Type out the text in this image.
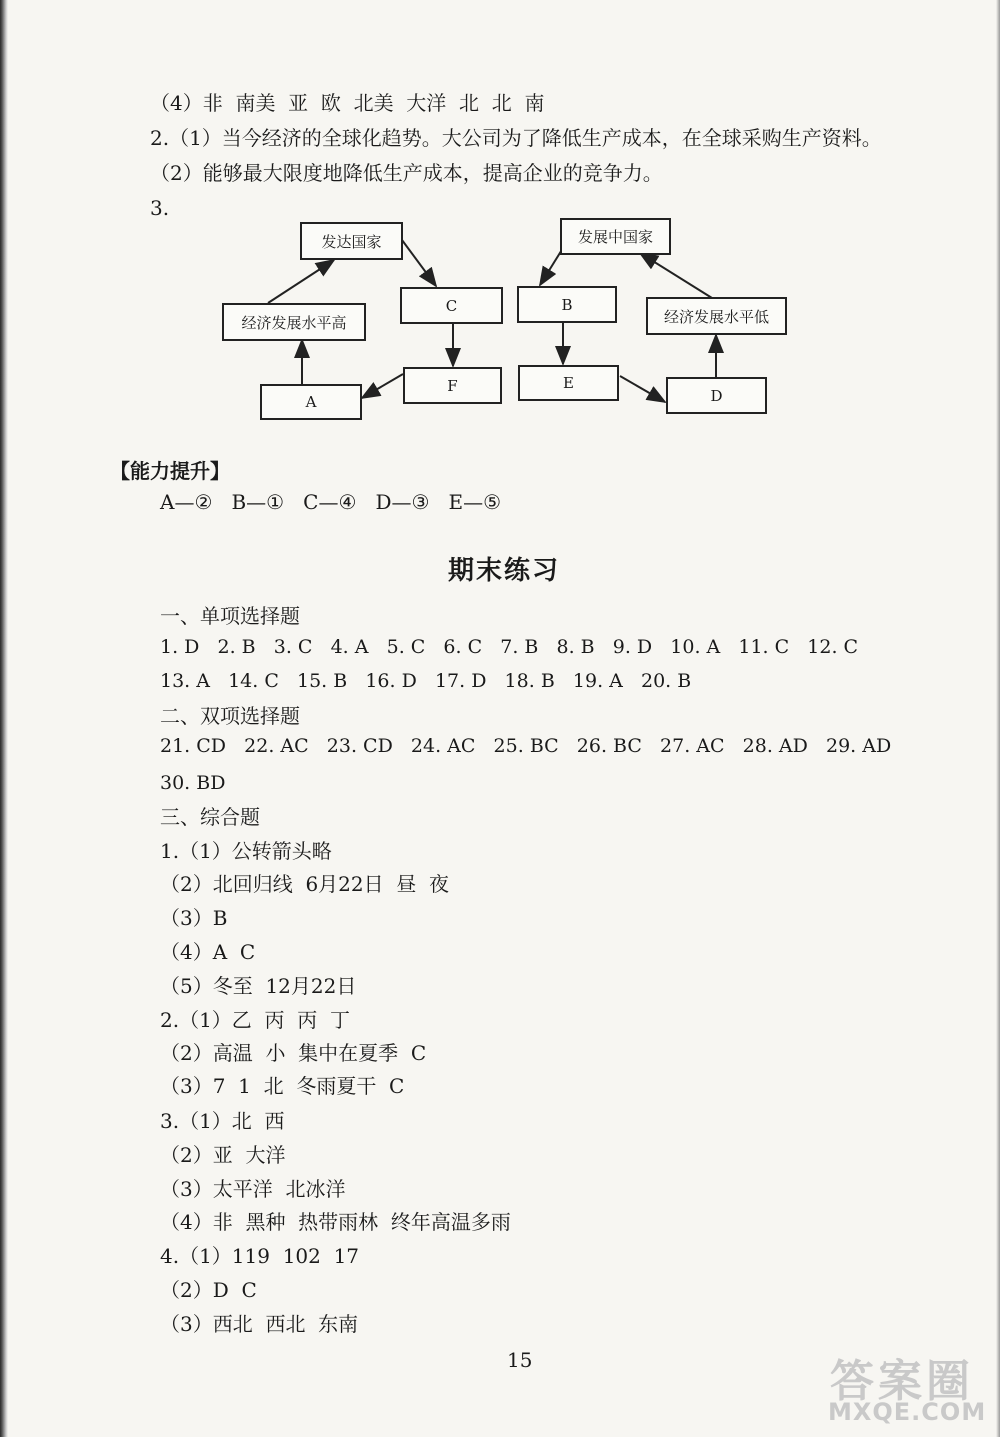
（4）非  南美  亚  欧  北美  大洋  北  北  南
2.（1）当今经济的全球化趋势。大公司为了降低生产成本，在全球采购生产资料。
（2）能够最大限度地降低生产成本，提高企业的竞争力。
3.
发达国家
经济发展水平高
C
F
A
发展中国家
经济发展水平低
B
E
D
【能力提升】
A—②   B—①   C—④   D—③   E—⑤
期末练习
一、单项选择题
1. D   2. B   3. C   4. A   5. C   6. C   7. B   8. B   9. D   10. A   11. C   12. C
13. A   14. C   15. B   16. D   17. D   18. B   19. A   20. B
二、双项选择题
21. CD   22. AC   23. CD   24. AC   25. BC   26. BC   27. AC   28. AD   29. AD
30. BD
三、综合题
1.（1）公转箭头略
（2）北回归线  6月22日  昼  夜
（3）B
（4）A  C
（5）冬至  12月22日
2.（1）乙  丙  丙  丁
（2）高温  小  集中在夏季  C
（3）7  1  北  冬雨夏干  C
3.（1）北  西
（2）亚  大洋
（3）太平洋  北冰洋
（4）非  黑种  热带雨林  终年高温多雨
4.（1）119  102  17
（2）D  C
（3）西北  西北  东南
15	答案圈
MXQE.COM
